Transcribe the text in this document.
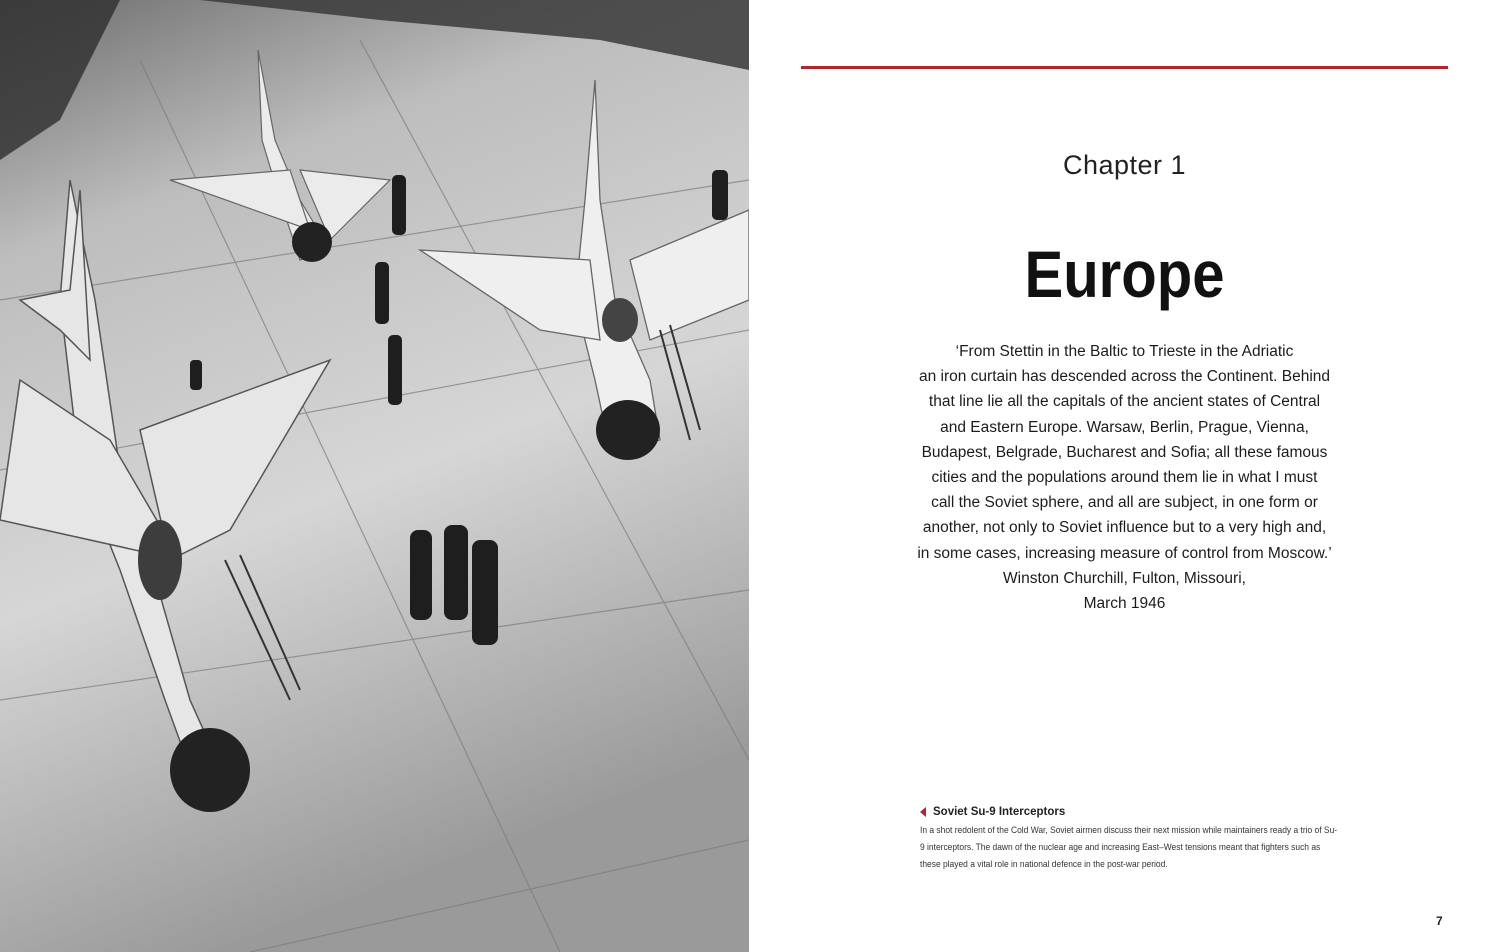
Chapter 1
Europe

‘From Stettin in the Baltic to Trieste in the Adriatic

an iron curtain has descended across the Continent. Behind

that line lie all the capitals of the ancient states of Central

and Eastern Europe. Warsaw, Berlin, Prague, Vienna,

Budapest, Belgrade, Bucharest and Sofia; all these famous

cities and the populations around them lie in what I must

call the Soviet sphere, and all are subject, in one form or

another, not only to Soviet influence but to a very high and,

in some cases, increasing measure of control from Moscow.’

Winston Churchill, Fulton, Missouri,

March 1946

Soviet Su-9 Interceptors
In a shot redolent of the Cold War, Soviet airmen discuss their next mission while maintainers ready a trio of Su-9 interceptors. The dawn of the nuclear age and increasing East–West tensions meant that fighters such as these played a vital role in national defence in the post-war period.
7
